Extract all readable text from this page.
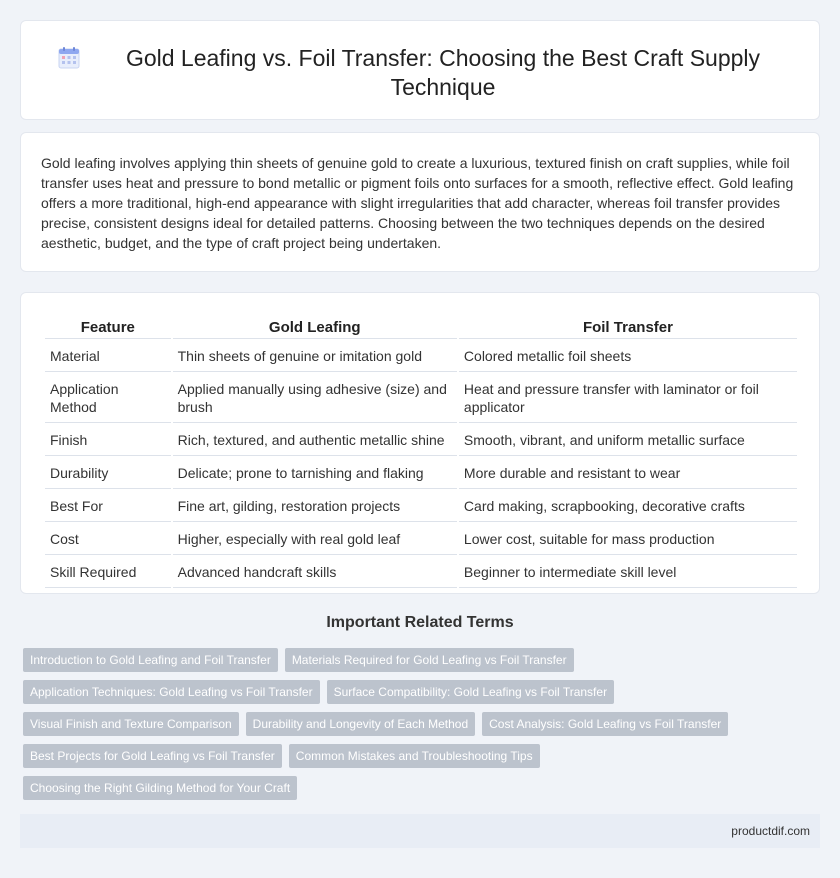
Gold Leafing vs. Foil Transfer: Choosing the Best Craft Supply Technique

Gold leafing involves applying thin sheets of genuine gold to create a luxurious, textured finish on craft supplies, while foil transfer uses heat and pressure to bond metallic or pigment foils onto surfaces for a smooth, reflective effect. Gold leafing offers a more traditional, high-end appearance with slight irregularities that add character, whereas foil transfer provides precise, consistent designs ideal for detailed patterns. Choosing between the two techniques depends on the desired aesthetic, budget, and the type of craft project being undertaken.

Feature	Gold Leafing	Foil Transfer
Material	Thin sheets of genuine or imitation gold	Colored metallic foil sheets
Application Method	Applied manually using adhesive (size) and brush	Heat and pressure transfer with laminator or foil applicator
Finish	Rich, textured, and authentic metallic shine	Smooth, vibrant, and uniform metallic surface
Durability	Delicate; prone to tarnishing and flaking	More durable and resistant to wear
Best For	Fine art, gilding, restoration projects	Card making, scrapbooking, decorative crafts
Cost	Higher, especially with real gold leaf	Lower cost, suitable for mass production
Skill Required	Advanced handcraft skills	Beginner to intermediate skill level
Important Related Terms
Introduction to Gold Leafing and Foil Transfer	Materials Required for Gold Leafing vs Foil Transfer
Application Techniques: Gold Leafing vs Foil Transfer	Surface Compatibility: Gold Leafing vs Foil Transfer
Visual Finish and Texture Comparison	Durability and Longevity of Each Method	Cost Analysis: Gold Leafing vs Foil Transfer
Best Projects for Gold Leafing vs Foil Transfer	Common Mistakes and Troubleshooting Tips
Choosing the Right Gilding Method for Your Craft
productdif.com
